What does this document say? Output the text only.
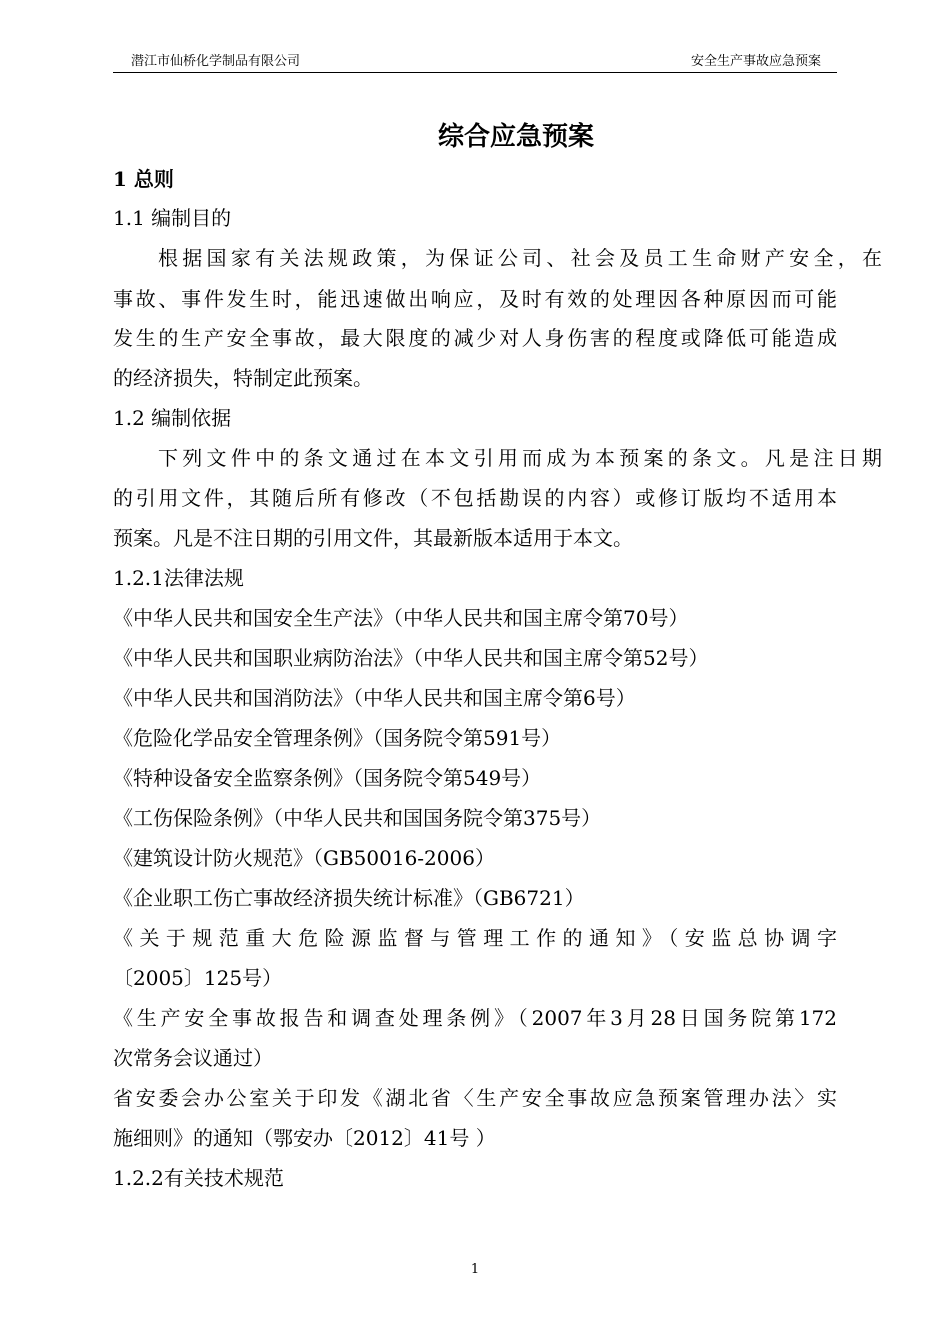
潜江市仙桥化学制品有限公司	安全生产事故应急预案
综合应急预案
1 总则
1.1 编制目的
根据国家有关法规政策，为保证公司、社会及员工生命财产安全，在
事故、事件发生时，能迅速做出响应，及时有效的处理因各种原因而可能
发生的生产安全事故，最大限度的减少对人身伤害的程度或降低可能造成
的经济损失，特制定此预案。
1.2 编制依据
下列文件中的条文通过在本文引用而成为本预案的条文。凡是注日期
的引用文件，其随后所有修改（不包括勘误的内容）或修订版均不适用本
预案。凡是不注日期的引用文件，其最新版本适用于本文。
1.2.1法律法规
《中华人民共和国安全生产法》（中华人民共和国主席令第70号）
《中华人民共和国职业病防治法》（中华人民共和国主席令第52号）
《中华人民共和国消防法》（中华人民共和国主席令第6号）
《危险化学品安全管理条例》（国务院令第591号）
《特种设备安全监察条例》（国务院令第549号）
《工伤保险条例》（中华人民共和国国务院令第375号）
《建筑设计防火规范》（GB50016-2006）
《企业职工伤亡事故经济损失统计标准》（GB6721）
《关于规范重大危险源监督与管理工作的通知》（安监总协调字
〔2005〕125号）
《生产安全事故报告和调查处理条例》（2007年3月28日国务院第172
次常务会议通过）
省安委会办公室关于印发《湖北省〈生产安全事故应急预案管理办法〉实
施细则》的通知（鄂安办〔2012〕41号 ）
1.2.2有关技术规范
1
